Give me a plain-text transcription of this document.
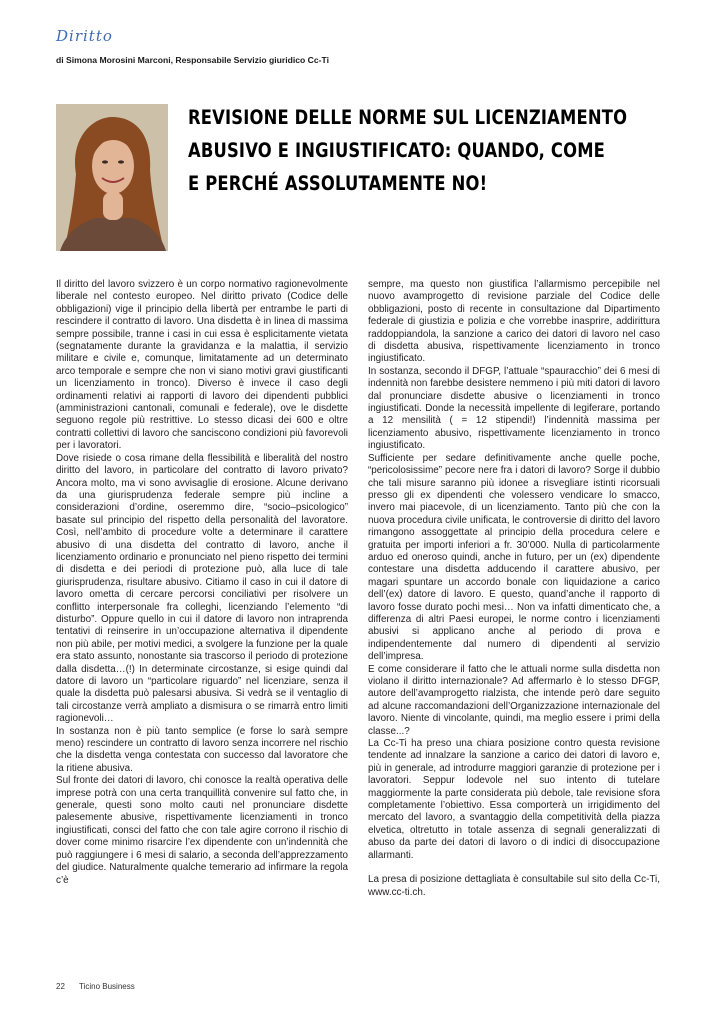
Diritto
di Simona Morosini Marconi, Responsabile Servizio giuridico Cc-Ti
REVISIONE DELLE NORME SUL LICENZIAMENTO
ABUSIVO E INGIUSTIFICATO: QUANDO, COME
E PERCHÉ ASSOLUTAMENTE NO!

Il diritto del lavoro svizzero è un corpo normativo ragionevolmente liberale nel contesto europeo. Nel diritto privato (Codice delle obbligazioni) vige il principio della libertà per entrambe le parti di rescindere il contratto di lavoro. Una disdetta è in linea di massima sempre possibile, tranne i casi in cui essa è esplicitamente vietata (segnatamente durante la gravidanza e la malattia, il servizio militare e civile e, comunque, limitatamente ad un determinato arco temporale e sempre che non vi siano motivi gravi giustificanti un licenziamento in tronco). Diverso è invece il caso degli ordinamenti relativi ai rapporti di lavoro dei dipendenti pubblici (amministrazioni cantonali, comunali e federale), ove le disdette seguono regole più restrittive. Lo stesso dicasi dei 600 e oltre contratti collettivi di lavoro che sanciscono condizioni più favorevoli per i lavoratori.

Dove risiede o cosa rimane della flessibilità e liberalità del nostro diritto del lavoro, in particolare del contratto di lavoro privato? Ancora molto, ma vi sono avvisaglie di erosione. Alcune derivano da una giurisprudenza federale sempre più incline a considerazioni d’ordine, oseremmo dire, “socio–psicologico” basate sul principio del rispetto della personalità del lavoratore. Così, nell’ambito di procedure volte a determinare il carattere abusivo di una disdetta del contratto di lavoro, anche il licenziamento ordinario e pronunciato nel pieno rispetto dei termini di disdetta e dei periodi di protezione può, alla luce di tale giurisprudenza, risultare abusivo. Citiamo il caso in cui il datore di lavoro ometta di cercare percorsi conciliativi per risolvere un conflitto interpersonale fra colleghi, licenziando l’elemento “di disturbo”. Oppure quello in cui il datore di lavoro non intraprenda tentativi di reinserire in un’occupazione alternativa il dipendente non più abile, per motivi medici, a svolgere la funzione per la quale era stato assunto, nonostante sia trascorso il periodo di protezione dalla disdetta…(!) In determinate circostanze, si esige quindi dal datore di lavoro un “particolare riguardo” nel licenziare, senza il quale la disdetta può palesarsi abusiva. Si vedrà se il ventaglio di tali circostanze verrà ampliato a dismisura o se rimarrà entro limiti ragionevoli…

In sostanza non è più tanto semplice (e forse lo sarà sempre meno) rescindere un contratto di lavoro senza incorrere nel rischio che la disdetta venga contestata con successo dal lavoratore che la ritiene abusiva.

Sul fronte dei datori di lavoro, chi conosce la realtà operativa delle imprese potrà con una certa tranquillità convenire sul fatto che, in generale, questi sono molto cauti nel pronunciare disdette palesemente abusive, rispettivamente licenziamenti in tronco ingiustificati, consci del fatto che con tale agire corrono il rischio di dover come minimo risarcire l’ex dipendente con un’indennità che può raggiungere i 6 mesi di salario, a seconda dell’apprezzamento del giudice. Naturalmente qualche temerario ad infirmare la regola c’è

sempre, ma questo non giustifica l’allarmismo percepibile nel nuovo avamprogetto di revisione parziale del Codice delle obbligazioni, posto di recente in consultazione dal Dipartimento federale di giustizia e polizia e che vorrebbe inasprire, addirittura raddoppiandola, la sanzione a carico dei datori di lavoro nel caso di disdetta abusiva, rispettivamente licenziamento in tronco ingiustificato.

In sostanza, secondo il DFGP, l’attuale “spauracchio” dei 6 mesi di indennità non farebbe desistere nemmeno i più miti datori di lavoro dal pronunciare disdette abusive o licenziamenti in tronco ingiustificati. Donde la necessità impellente di legiferare, portando a 12 mensilità ( = 12 stipendi!) l’indennità massima per licenziamento abusivo, rispettivamente licenziamento in tronco ingiustificato.

Sufficiente per sedare definitivamente anche quelle poche, “pericolosissime” pecore nere fra i datori di lavoro? Sorge il dubbio che tali misure saranno più idonee a risvegliare istinti ricorsuali presso gli ex dipendenti che volessero vendicare lo smacco, invero mai piacevole, di un licenziamento. Tanto più che con la nuova procedura civile unificata, le controversie di diritto del lavoro rimangono assoggettate al principio della procedura celere e gratuita per importi inferiori a fr. 30’000. Nulla di particolarmente arduo ed oneroso quindi, anche in futuro, per un (ex) dipendente contestare una disdetta adducendo il carattere abusivo, per magari spuntare un accordo bonale con liquidazione a carico dell’(ex) datore di lavoro. E questo, quand’anche il rapporto di lavoro fosse durato pochi mesi… Non va infatti dimenticato che, a differenza di altri Paesi europei, le norme contro i licenziamenti abusivi si applicano anche al periodo di prova e indipendentemente dal numero di dipendenti al servizio dell’impresa.

E come considerare il fatto che le attuali norme sulla disdetta non violano il diritto internazionale? Ad affermarlo è lo stesso DFGP, autore dell’avamprogetto rialzista, che intende però dare seguito ad alcune raccomandazioni dell’Organizzazione internazionale del lavoro. Niente di vincolante, quindi, ma meglio essere i primi della classe...?

La Cc-Ti ha preso una chiara posizione contro questa revisione tendente ad innalzare la sanzione a carico dei datori di lavoro e, più in generale, ad introdurre maggiori garanzie di protezione per i lavoratori. Seppur lodevole nel suo intento di tutelare maggiormente la parte considerata più debole, tale revisione sfora completamente l’obiettivo. Essa comporterà un irrigidimento del mercato del lavoro, a svantaggio della competitività della piazza elvetica, oltretutto in totale assenza di segnali generalizzati di abuso da parte dei datori di lavoro o di indici di disoccupazione allarmanti.

La presa di posizione dettagliata è consultabile sul sito della Cc-Ti, www.cc-ti.ch.

22 Ticino Business
